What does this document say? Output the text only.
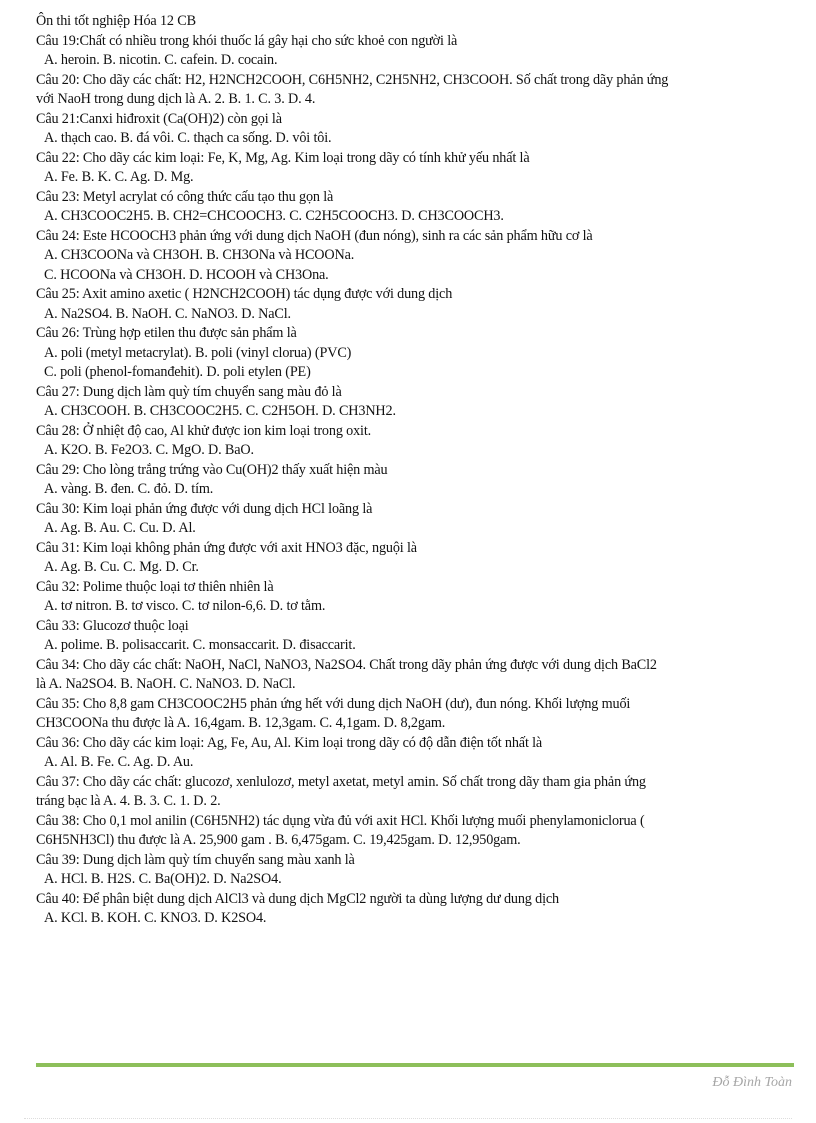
Ôn thi tốt nghiệp Hóa 12 CB
Câu 19:Chất có nhiều trong khói thuốc lá gây hại cho sức khoẻ con người là
A. heroin. B. nicotin. C. cafein. D. cocain.
Câu 20: Cho dãy các chất: H2, H2NCH2COOH, C6H5NH2, C2H5NH2, CH3COOH. Số chất trong dãy phản ứng
với NaoH trong dung dịch là A. 2. B. 1. C. 3. D. 4.
Câu 21:Canxi hiđroxit (Ca(OH)2) còn gọi là
A. thạch cao. B. đá vôi. C. thạch ca sống. D. vôi tôi.
Câu 22: Cho dãy các kim loại: Fe, K, Mg, Ag. Kim loại trong dãy có tính khử yếu nhất là
A. Fe. B. K. C. Ag. D. Mg.
Câu 23: Metyl acrylat có công thức cấu tạo thu gọn là
A. CH3COOC2H5. B. CH2=CHCOOCH3. C. C2H5COOCH3. D. CH3COOCH3.
Câu 24: Este HCOOCH3 phản ứng với dung dịch NaOH (đun nóng), sinh ra các sản phẩm hữu cơ là
A. CH3COONa và CH3OH. B. CH3ONa và HCOONa.
C. HCOONa và CH3OH. D. HCOOH và CH3Ona.
Câu 25: Axit amino axetic ( H2NCH2COOH) tác dụng được với dung dịch
A. Na2SO4. B. NaOH. C. NaNO3. D. NaCl.
Câu 26: Trùng hợp etilen thu được sản phẩm là
A. poli (metyl metacrylat). B. poli (vinyl clorua) (PVC)
C. poli (phenol-fomanđehit). D. poli etylen (PE)
Câu 27: Dung dịch làm quỳ tím chuyển sang màu đỏ là
A. CH3COOH. B. CH3COOC2H5. C. C2H5OH. D. CH3NH2.
Câu 28: Ở nhiệt độ cao, Al khử được ion kim loại trong oxit.
A. K2O. B. Fe2O3. C. MgO. D. BaO.
Câu 29: Cho lòng trắng trứng vào Cu(OH)2 thấy xuất hiện màu
A. vàng. B. đen. C. đỏ. D. tím.
Câu 30: Kim loại phản ứng được với dung dịch HCl loãng là
A. Ag. B. Au. C. Cu. D. Al.
Câu 31: Kim loại không phản ứng được với axit HNO3 đặc, nguội là
A. Ag. B. Cu. C. Mg. D. Cr.
Câu 32: Polime thuộc loại tơ thiên nhiên là
A. tơ nitron. B. tơ visco. C. tơ nilon-6,6. D. tơ tằm.
Câu 33: Glucozơ thuộc loại
A. polime. B. polisaccarit. C. monsaccarit. D. đisaccarit.
Câu 34: Cho dãy các chất: NaOH, NaCl, NaNO3, Na2SO4. Chất trong dãy phản ứng được với dung dịch BaCl2
là A. Na2SO4. B. NaOH. C. NaNO3. D. NaCl.
Câu 35: Cho 8,8 gam CH3COOC2H5 phản ứng hết với dung dịch NaOH (dư), đun nóng. Khối lượng muối
CH3COONa thu được là A. 16,4gam. B. 12,3gam. C. 4,1gam. D. 8,2gam.
Câu 36: Cho dãy các kim loại: Ag, Fe, Au, Al. Kim loại trong dãy có độ dẫn điện tốt nhất là
A. Al. B. Fe. C. Ag. D. Au.
Câu 37: Cho dãy các chất: glucozơ, xenlulozơ, metyl axetat, metyl amin. Số chất trong dãy tham gia phản ứng
tráng bạc là A. 4. B. 3. C. 1. D. 2.
Câu 38: Cho 0,1 mol anilin (C6H5NH2) tác dụng vừa đủ với axit HCl. Khối lượng muối phenylamoniclorua (
C6H5NH3Cl) thu được là A. 25,900 gam . B. 6,475gam. C. 19,425gam. D. 12,950gam.
Câu 39: Dung dịch làm quỳ tím chuyển sang màu xanh là
A. HCl. B. H2S. C. Ba(OH)2. D. Na2SO4.
Câu 40: Để phân biệt dung dịch AlCl3 và dung dịch MgCl2 người ta dùng lượng dư dung dịch
A. KCl. B. KOH. C. KNO3. D. K2SO4.
Đỗ Đình Toàn
